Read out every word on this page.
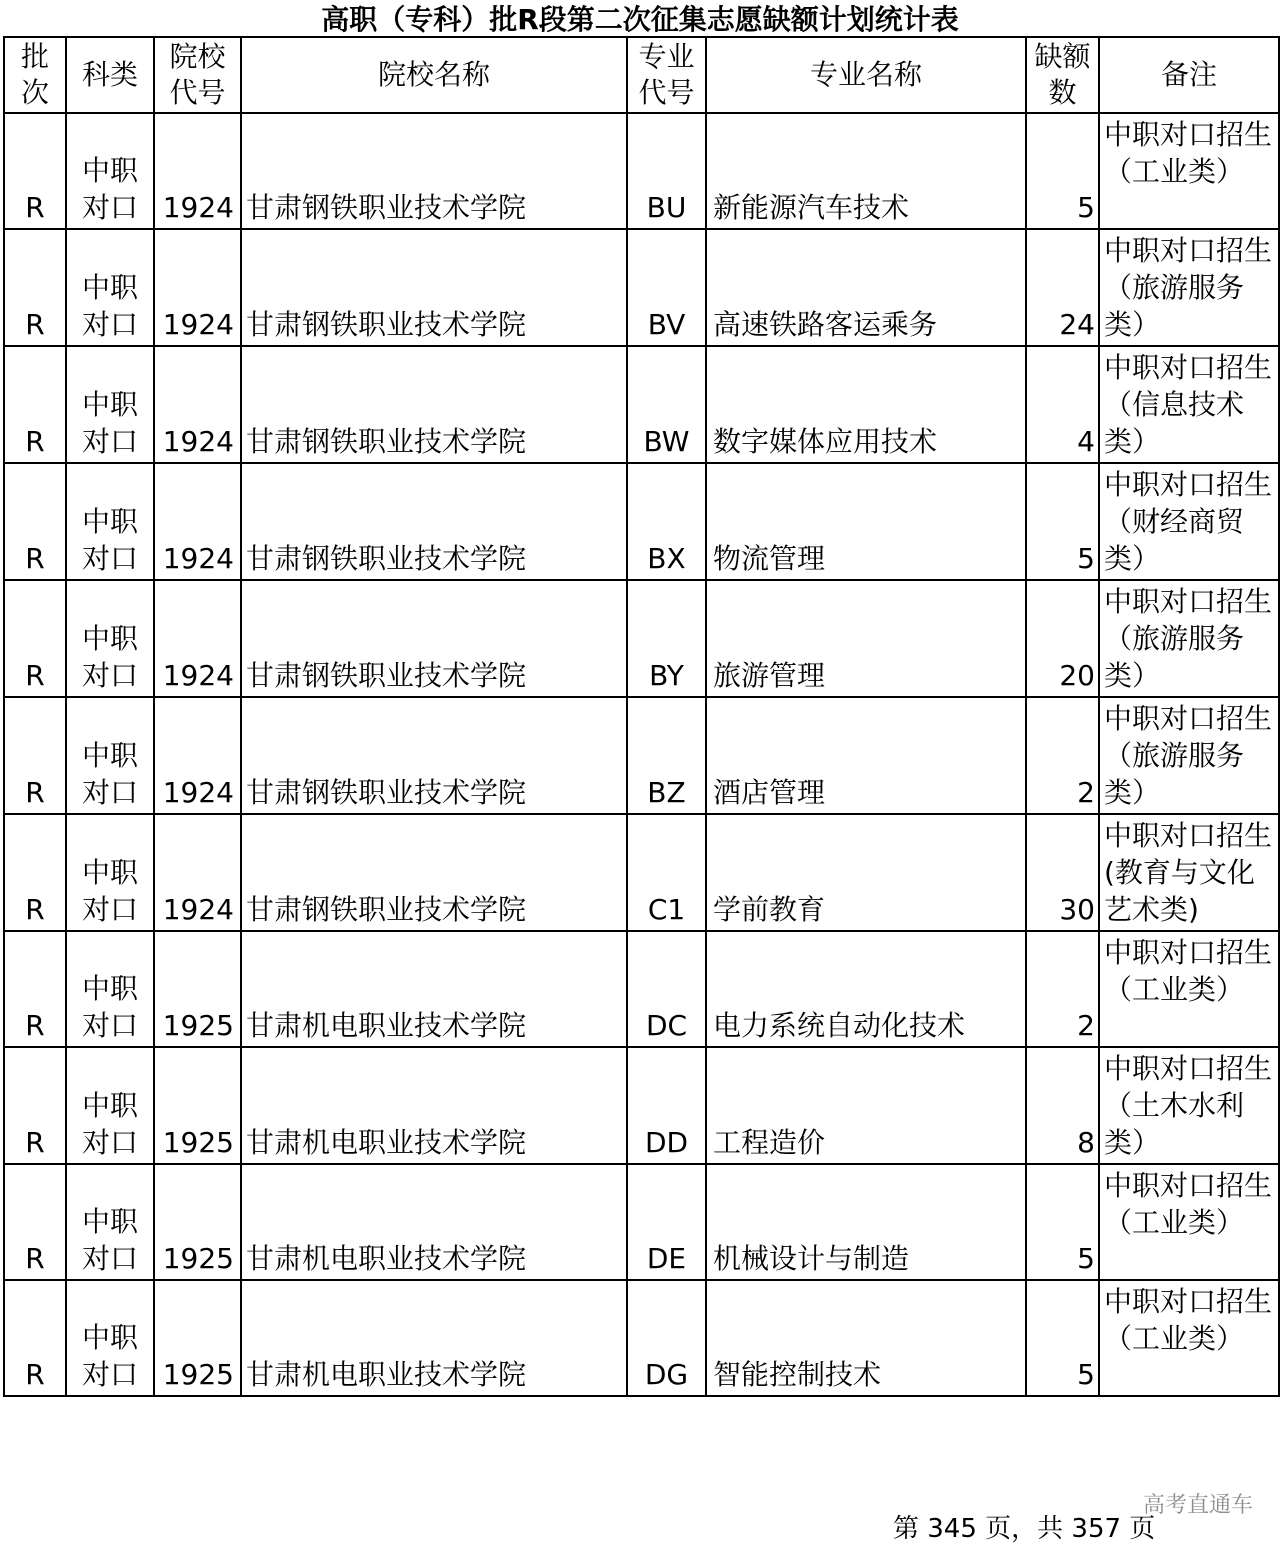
高职（专科）批R段第二次征集志愿缺额计划统计表
批次	科类	院校代号	院校名称	专业代号	专业名称	缺额数	备注
R	中职对口	1924	甘肃钢铁职业技术学院	BU	新能源汽车技术	5	中职对口招生（工业类）
R	中职对口	1924	甘肃钢铁职业技术学院	BV	高速铁路客运乘务	24	中职对口招生（旅游服务类）
R	中职对口	1924	甘肃钢铁职业技术学院	BW	数字媒体应用技术	4	中职对口招生（信息技术类）
R	中职对口	1924	甘肃钢铁职业技术学院	BX	物流管理	5	中职对口招生（财经商贸类）
R	中职对口	1924	甘肃钢铁职业技术学院	BY	旅游管理	20	中职对口招生（旅游服务类）
R	中职对口	1924	甘肃钢铁职业技术学院	BZ	酒店管理	2	中职对口招生（旅游服务类）
R	中职对口	1924	甘肃钢铁职业技术学院	C1	学前教育	30	中职对口招生(教育与文化艺术类)
R	中职对口	1925	甘肃机电职业技术学院	DC	电力系统自动化技术	2	中职对口招生（工业类）
R	中职对口	1925	甘肃机电职业技术学院	DD	工程造价	8	中职对口招生（土木水利类）
R	中职对口	1925	甘肃机电职业技术学院	DE	机械设计与制造	5	中职对口招生（工业类）
R	中职对口	1925	甘肃机电职业技术学院	DG	智能控制技术	5	中职对口招生（工业类）
高考直通车
第 345 页，共 357 页
